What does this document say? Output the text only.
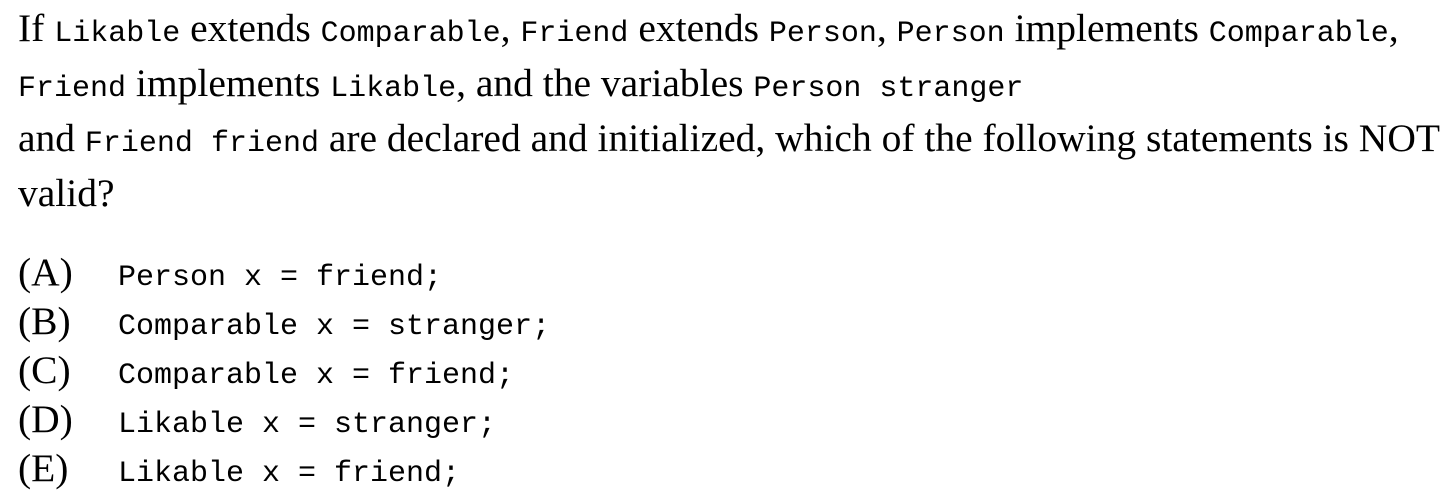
If Likable extends Comparable, Friend extends Person, Person implements Comparable, Friend implements Likable, and the variables Person stranger
and Friend friend are declared and initialized, which of the following statements is NOT valid?
(A) Person x = friend;
(B) Comparable x = stranger;
(C) Comparable x = friend;
(D) Likable x = stranger;
(E) Likable x = friend;
